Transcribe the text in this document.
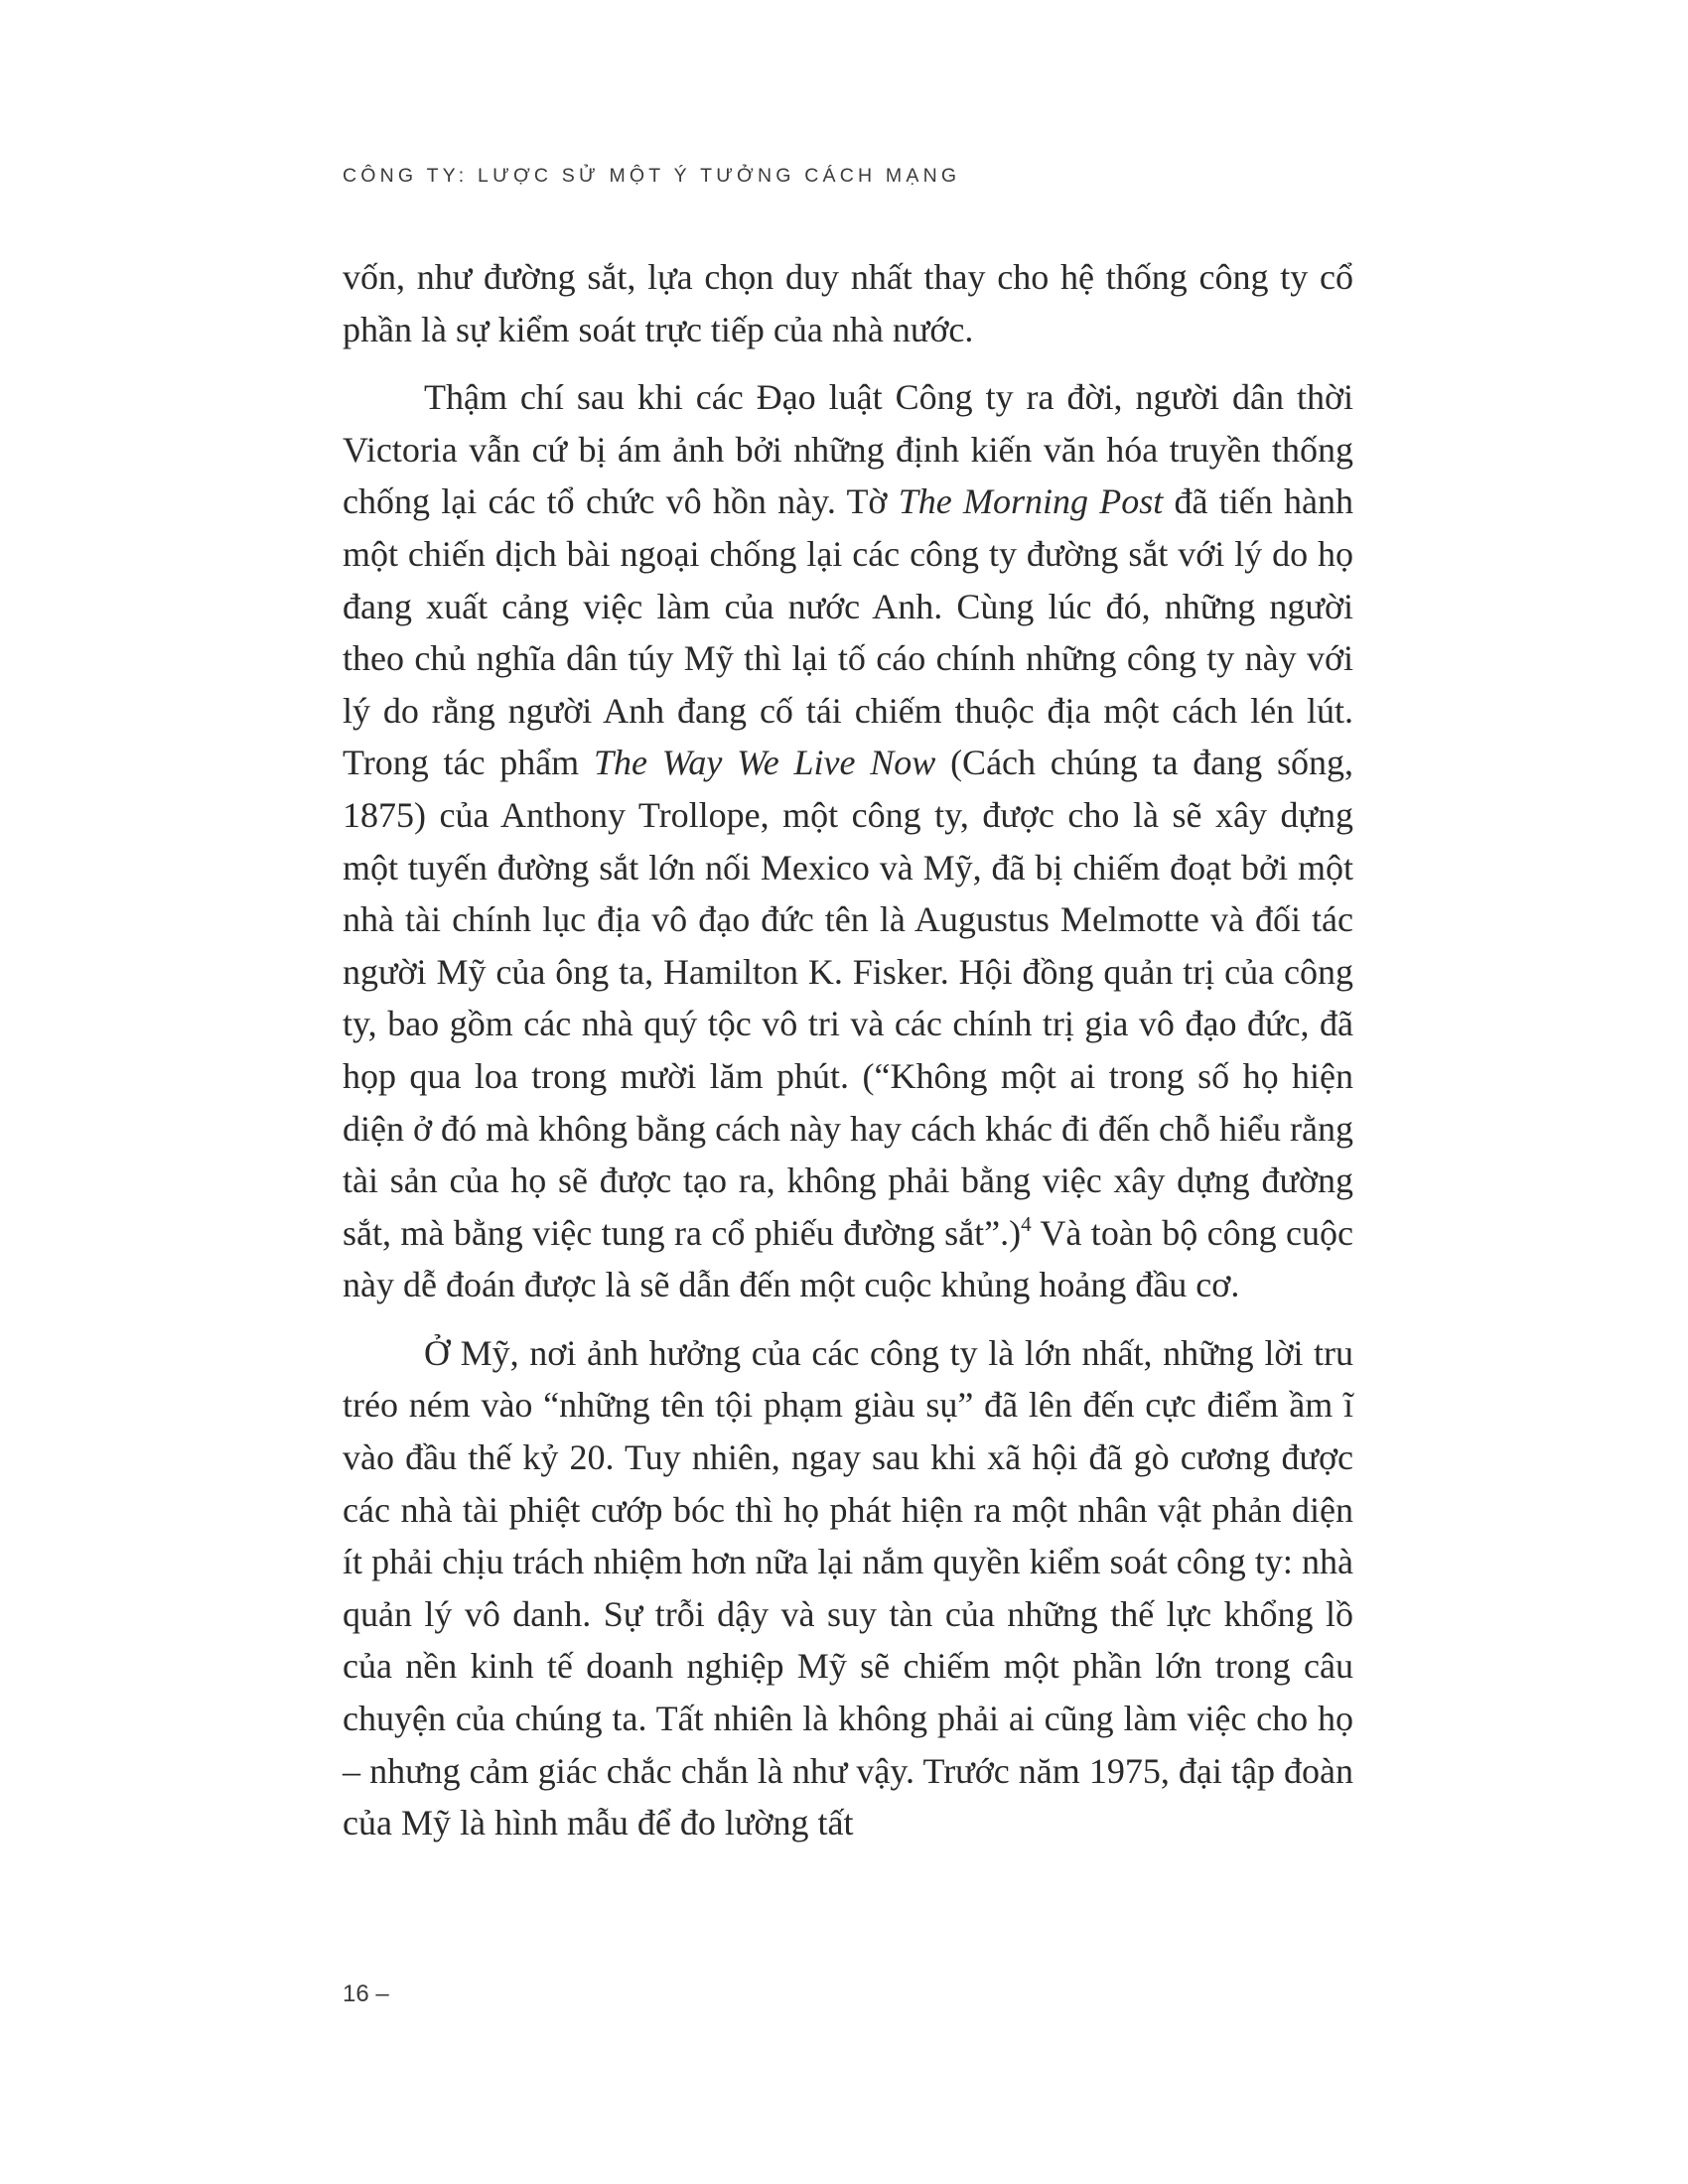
CÔNG TY: LƯỢC SỬ MỘT Ý TƯỞNG CÁCH MẠNG

vốn, như đường sắt, lựa chọn duy nhất thay cho hệ thống công ty cổ phần là sự kiểm soát trực tiếp của nhà nước.

Thậm chí sau khi các Đạo luật Công ty ra đời, người dân thời Victoria vẫn cứ bị ám ảnh bởi những định kiến văn hóa truyền thống chống lại các tổ chức vô hồn này. Tờ The Morning Post đã tiến hành một chiến dịch bài ngoại chống lại các công ty đường sắt với lý do họ đang xuất cảng việc làm của nước Anh. Cùng lúc đó, những người theo chủ nghĩa dân túy Mỹ thì lại tố cáo chính những công ty này với lý do rằng người Anh đang cố tái chiếm thuộc địa một cách lén lút. Trong tác phẩm The Way We Live Now (Cách chúng ta đang sống, 1875) của Anthony Trollope, một công ty, được cho là sẽ xây dựng một tuyến đường sắt lớn nối Mexico và Mỹ, đã bị chiếm đoạt bởi một nhà tài chính lục địa vô đạo đức tên là Augustus Melmotte và đối tác người Mỹ của ông ta, Hamilton K. Fisker. Hội đồng quản trị của công ty, bao gồm các nhà quý tộc vô tri và các chính trị gia vô đạo đức, đã họp qua loa trong mười lăm phút. (“Không một ai trong số họ hiện diện ở đó mà không bằng cách này hay cách khác đi đến chỗ hiểu rằng tài sản của họ sẽ được tạo ra, không phải bằng việc xây dựng đường sắt, mà bằng việc tung ra cổ phiếu đường sắt”.)$^4$ Và toàn bộ công cuộc này dễ đoán được là sẽ dẫn đến một cuộc khủng hoảng đầu cơ.

Ở Mỹ, nơi ảnh hưởng của các công ty là lớn nhất, những lời tru tréo ném vào “những tên tội phạm giàu sụ” đã lên đến cực điểm ầm ĩ vào đầu thế kỷ 20. Tuy nhiên, ngay sau khi xã hội đã gò cương được các nhà tài phiệt cướp bóc thì họ phát hiện ra một nhân vật phản diện ít phải chịu trách nhiệm hơn nữa lại nắm quyền kiểm soát công ty: nhà quản lý vô danh. Sự trỗi dậy và suy tàn của những thế lực khổng lồ của nền kinh tế doanh nghiệp Mỹ sẽ chiếm một phần lớn trong câu chuyện của chúng ta. Tất nhiên là không phải ai cũng làm việc cho họ – nhưng cảm giác chắc chắn là như vậy. Trước năm 1975, đại tập đoàn của Mỹ là hình mẫu để đo lường tất

16 –
